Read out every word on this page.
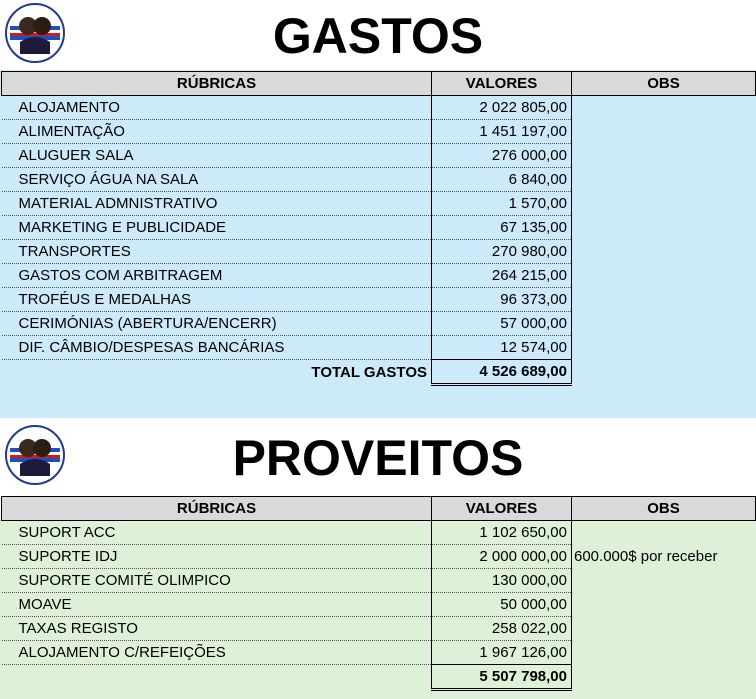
GASTOS
RÚBRICAS	VALORES	OBS
ALOJAMENTO	2 022 805,00	
ALIMENTAÇÃO	1 451 197,00	
ALUGUER SALA	276 000,00	
SERVIÇO ÁGUA NA SALA	6 840,00	
MATERIAL ADMNISTRATIVO	1 570,00	
MARKETING E PUBLICIDADE	67 135,00	
TRANSPORTES	270 980,00	
GASTOS COM ARBITRAGEM	264 215,00	
TROFÉUS E MEDALHAS	96 373,00	
CERIMÓNIAS (ABERTURA/ENCERR)	57 000,00	
DIF. CÂMBIO/DESPESAS BANCÁRIAS	12 574,00	
TOTAL GASTOS	4 526 689,00	
PROVEITOS
RÚBRICAS	VALORES	OBS
SUPORT ACC	1 102 650,00	
SUPORTE IDJ	2 000 000,00	600.000$ por receber
SUPORTE COMITÉ OLIMPICO	130 000,00	
MOAVE	50 000,00	
TAXAS REGISTO	258 022,00	
ALOJAMENTO C/REFEIÇÕES	1 967 126,00	
	5 507 798,00	
